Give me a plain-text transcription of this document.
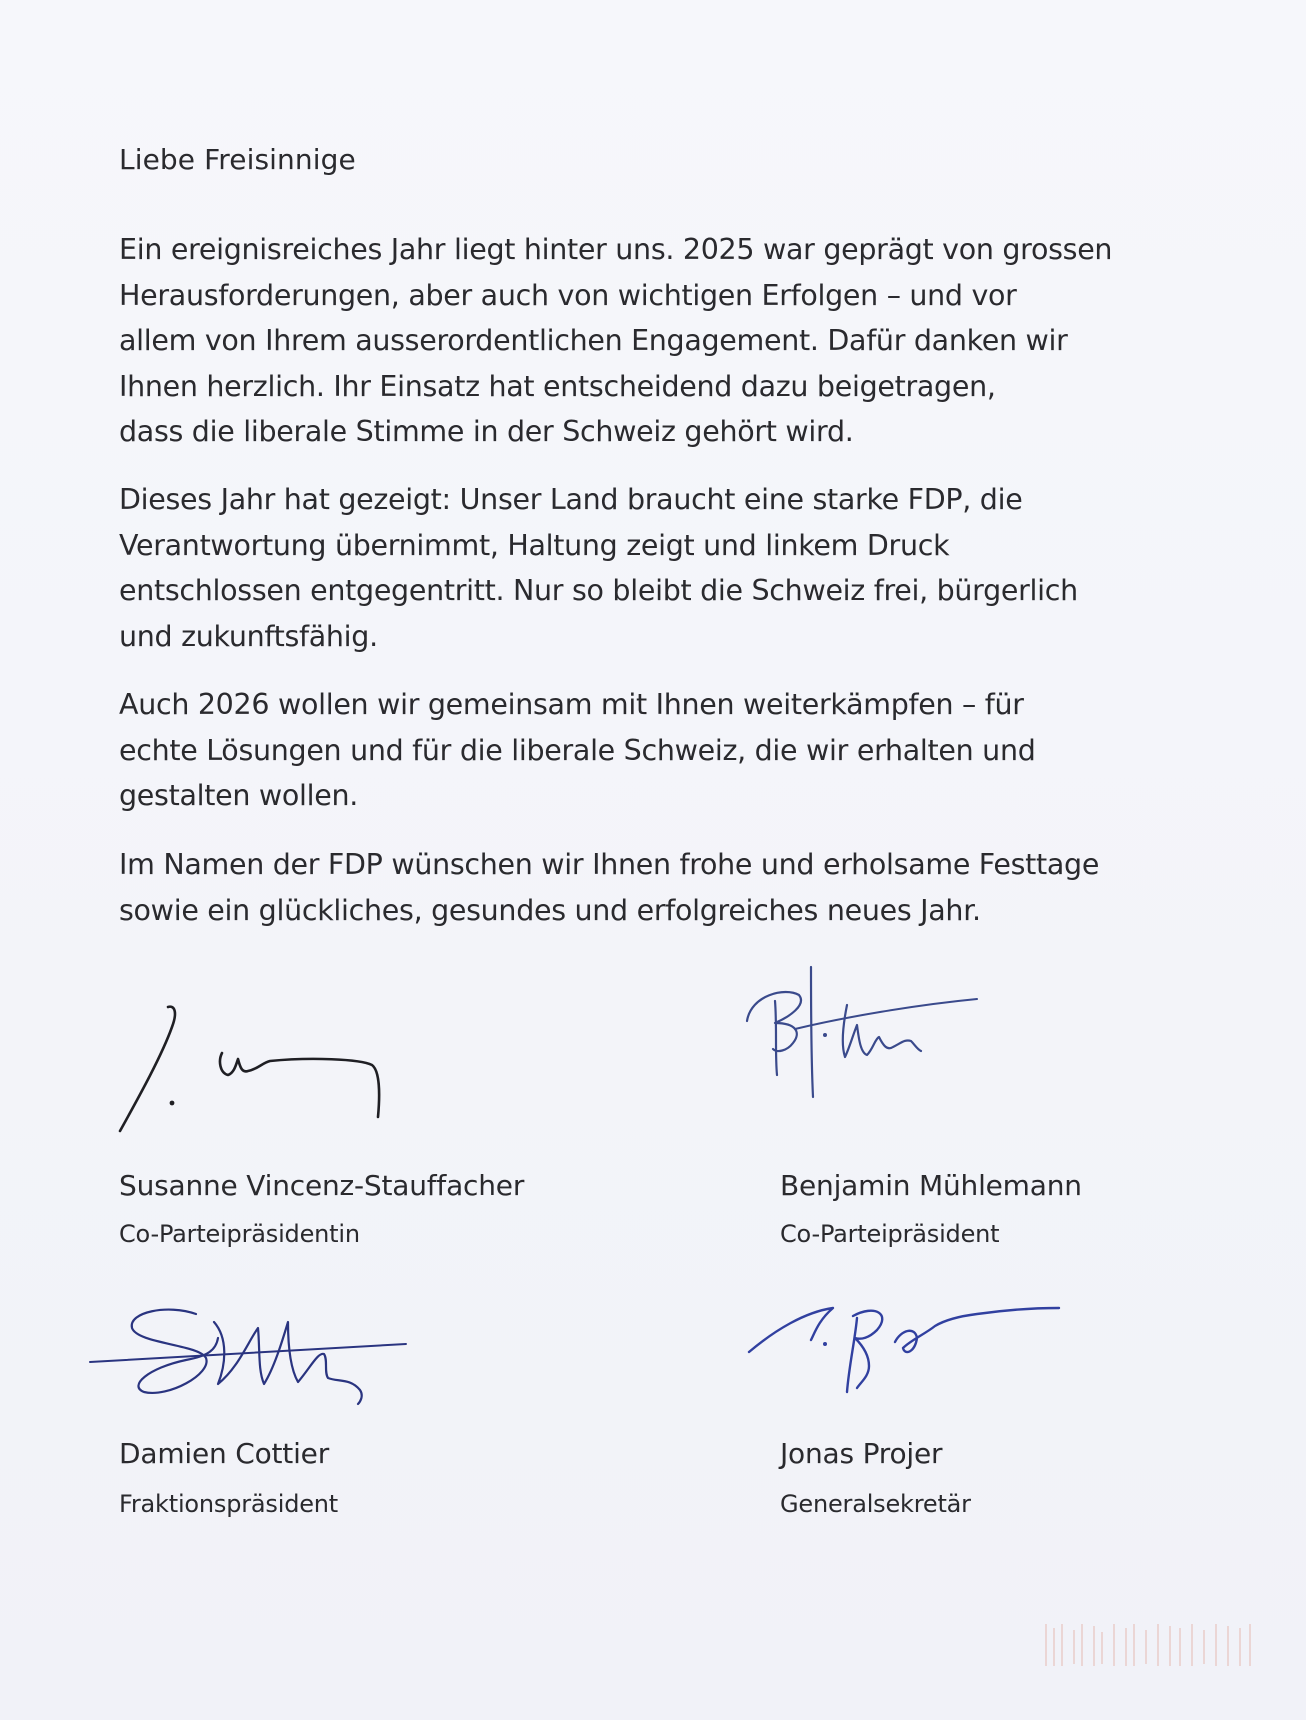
Liebe Freisinnige

Ein ereignisreiches Jahr liegt hinter uns. 2025 war geprägt von grossen
Herausforderungen, aber auch von wichtigen Erfolgen – und vor
allem von Ihrem ausserordentlichen Engagement. Dafür danken wir
Ihnen herzlich. Ihr Einsatz hat entscheidend dazu beigetragen,
dass die liberale Stimme in der Schweiz gehört wird.

Dieses Jahr hat gezeigt: Unser Land braucht eine starke FDP, die
Verantwortung übernimmt, Haltung zeigt und linkem Druck
entschlossen entgegentritt. Nur so bleibt die Schweiz frei, bürgerlich
und zukunftsfähig.

Auch 2026 wollen wir gemeinsam mit Ihnen weiterkämpfen – für
echte Lösungen und für die liberale Schweiz, die wir erhalten und
gestalten wollen.

Im Namen der FDP wünschen wir Ihnen frohe und erholsame Festtage
sowie ein glückliches, gesundes und erfolgreiches neues Jahr.

Susanne Vincenz-Stauffacher

Co-Parteipräsidentin

Benjamin Mühlemann

Co-Parteipräsident

Damien Cottier

Fraktionspräsident

Jonas Projer

Generalsekretär
